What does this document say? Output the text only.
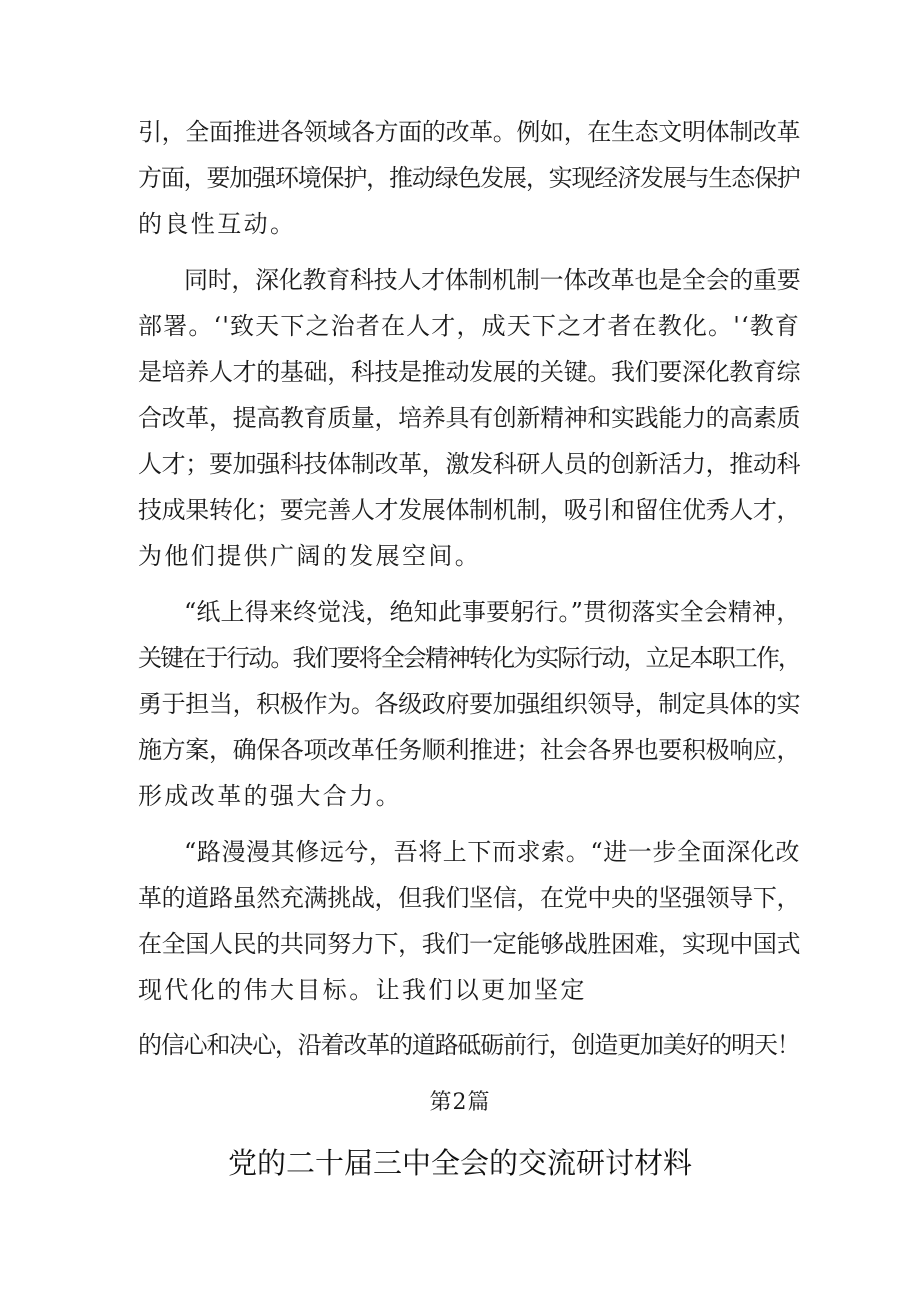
引，全面推进各领域各方面的改革。例如，在生态文明体制改革
方面，要加强环境保护，推动绿色发展，实现经济发展与生态保护
的良性互动。
同时，深化教育科技人才体制机制一体改革也是全会的重要
部署。‘'致天下之治者在人才，成天下之才者在教化。'‘教育
是培养人才的基础，科技是推动发展的关键。我们要深化教育综
合改革，提高教育质量，培养具有创新精神和实践能力的高素质
人才；要加强科技体制改革，激发科研人员的创新活力，推动科
技成果转化；要完善人才发展体制机制，吸引和留住优秀人才，
为他们提供广阔的发展空间。
“纸上得来终觉浅，绝知此事要躬行。”贯彻落实全会精神，
关键在于行动。我们要将全会精神转化为实际行动，立足本职工作，
勇于担当，积极作为。各级政府要加强组织领导，制定具体的实
施方案，确保各项改革任务顺利推进；社会各界也要积极响应，
形成改革的强大合力。
“路漫漫其修远兮，吾将上下而求索。“进一步全面深化改
革的道路虽然充满挑战，但我们坚信，在党中央的坚强领导下，
在全国人民的共同努力下，我们一定能够战胜困难，实现中国式
现代化的伟大目标。让我们以更加坚定
的信心和决心，沿着改革的道路砥砺前行，创造更加美好的明天！
第2篇
党的二十届三中全会的交流研讨材料
